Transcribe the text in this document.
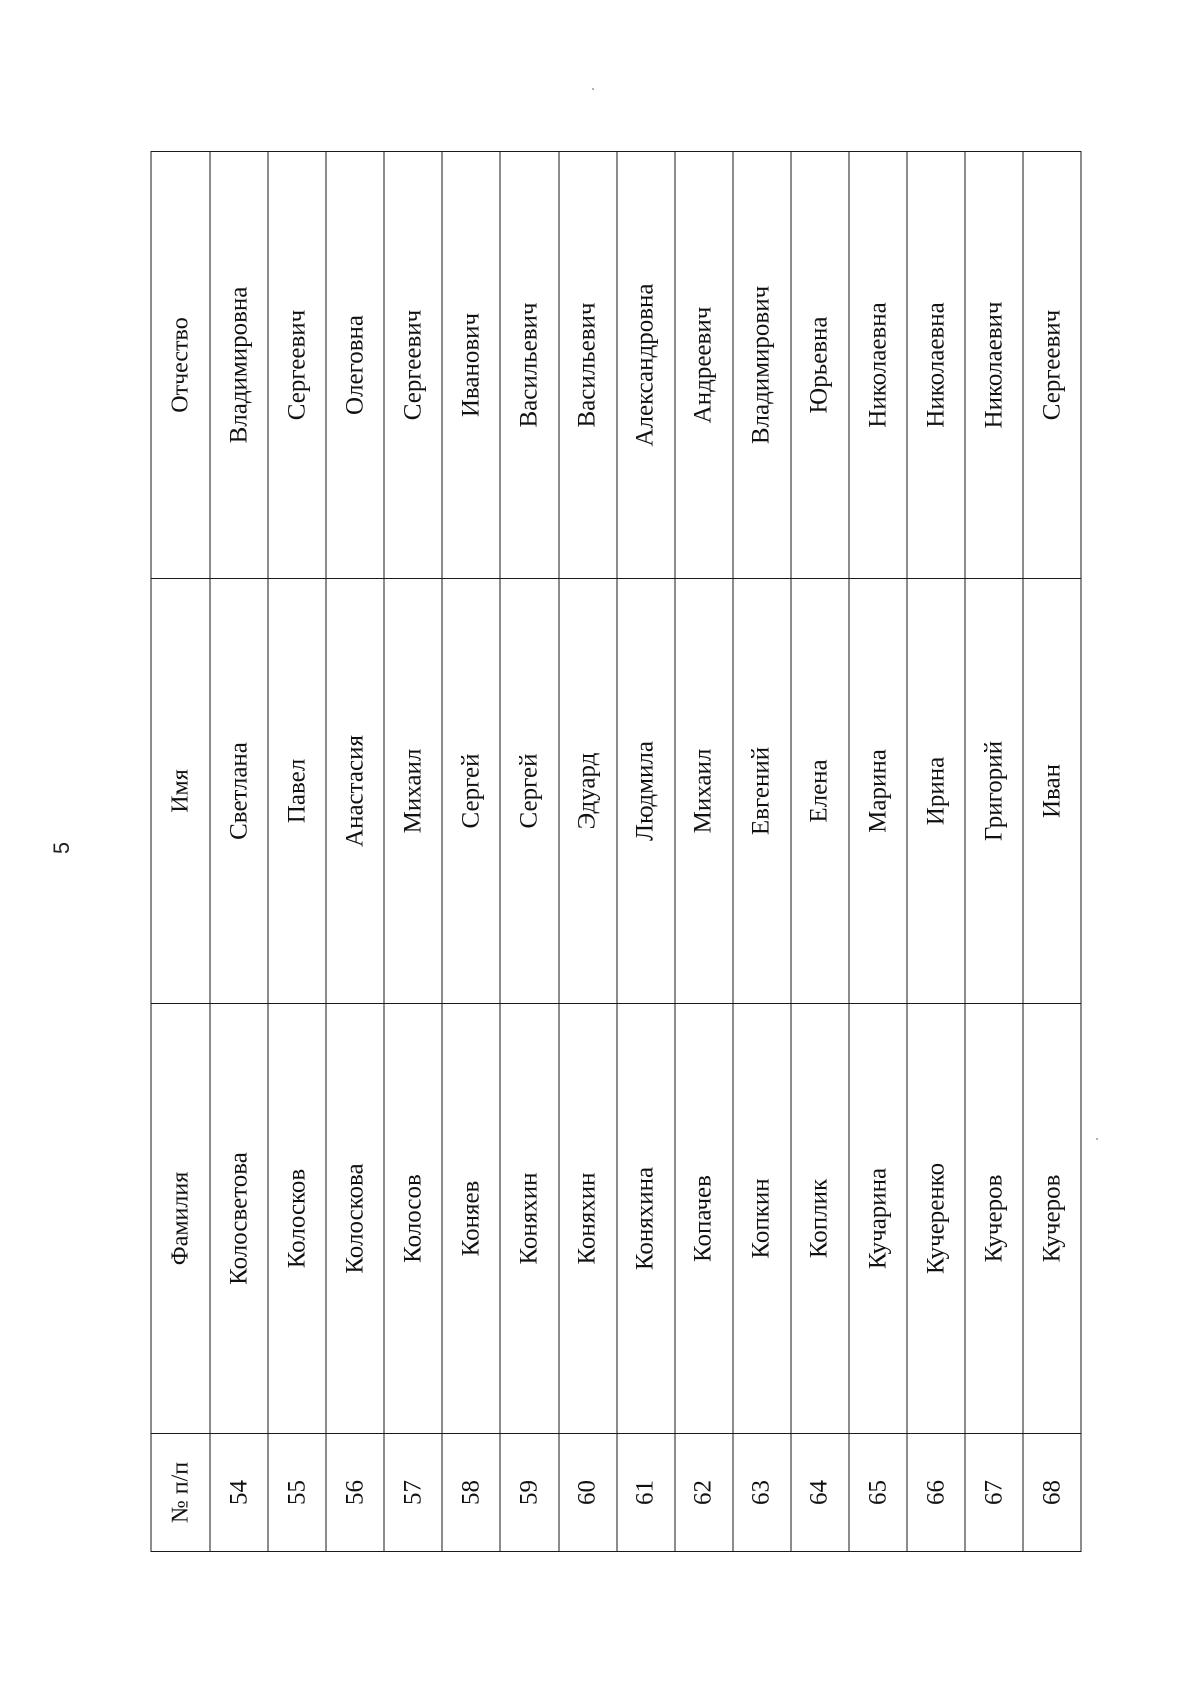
5
№ п/п	Фамилия	Имя	Отчество
54	Колосветова	Светлана	Владимировна
55	Колосков	Павел	Сергеевич
56	Колоскова	Анастасия	Олеговна
57	Колосов	Михаил	Сергеевич
58	Коняев	Сергей	Иванович
59	Коняхин	Сергей	Васильевич
60	Коняхин	Эдуард	Васильевич
61	Коняхина	Людмила	Александровна
62	Копачев	Михаил	Андреевич
63	Копкин	Евгений	Владимирович
64	Коплик	Елена	Юрьевна
65	Кучарина	Марина	Николаевна
66	Кучеренко	Ирина	Николаевна
67	Кучеров	Григорий	Николаевич
68	Кучеров	Иван	Сергеевич
